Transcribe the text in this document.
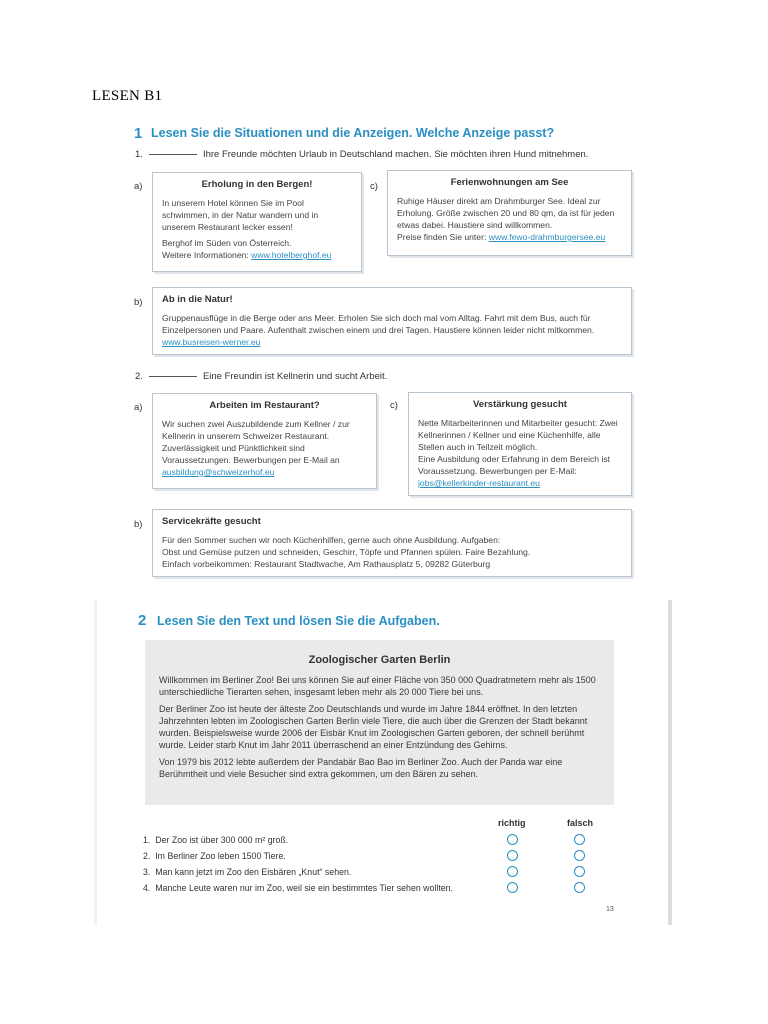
LESEN B1
1 Lesen Sie die Situationen und die Anzeigen. Welche Anzeige passt?
1.	Ihre Freunde möchten Urlaub in Deutschland machen. Sie möchten ihren Hund mitnehmen.
a)	Erholung in den Bergen!

In unserem Hotel können Sie im Pool schwimmen, in der Natur wandern und in unserem Restaurant lecker essen!

Berghof im Süden von Österreich.

Weitere Informationen: www.hotelberghof.eu

c)	Ferienwohnungen am See

Ruhige Häuser direkt am Drahmburger See. Ideal zur Erholung. Größe zwischen 20 und 80 qm, da ist für jeden etwas dabei. Haustiere sind willkommen.

Preise finden Sie unter: www.fewo-drahmburgersee.eu

b) Ab in die Natur!

Gruppenausflüge in die Berge oder ans Meer. Erholen Sie sich doch mal vom Alltag. Fahrt mit dem Bus, auch für Einzelpersonen und Paare. Aufenthalt zwischen einem und drei Tagen. Haustiere können leider nicht mitkommen.

www.busreisen-werner.eu

2.	Eine Freundin ist Kellnerin und sucht Arbeit.
a)	Arbeiten im Restaurant?

Wir suchen zwei Auszubildende zum Kellner / zur Kellnerin in unserem Schweizer Restaurant. Zuverlässigkeit und Pünktlichkeit sind Voraussetzungen. Bewerbungen per E-Mail an

ausbildung@schweizerhof.eu

c)	Verstärkung gesucht

Nette Mitarbeiterinnen und Mitarbeiter gesucht: Zwei Kellnerinnen / Kellner und eine Küchenhilfe, alle Stellen auch in Teilzeit möglich.

Eine Ausbildung oder Erfahrung in dem Bereich ist Voraussetzung. Bewerbungen per E-Mail:

jobs@kellerkinder-restaurant.eu

b) Servicekräfte gesucht

Für den Sommer suchen wir noch Küchenhilfen, gerne auch ohne Ausbildung. Aufgaben:

Obst und Gemüse putzen und schneiden, Geschirr, Töpfe und Pfannen spülen. Faire Bezahlung.

Einfach vorbeikommen: Restaurant Stadtwache, Am Rathausplatz 5, 09282 Güterburg

2 Lesen Sie den Text und lösen Sie die Aufgaben.
Zoologischer Garten Berlin

Willkommen im Berliner Zoo! Bei uns können Sie auf einer Fläche von 350 000 Quadratmetern mehr als 1500 unterschiedliche Tierarten sehen, insgesamt leben mehr als 20 000 Tiere bei uns.

Der Berliner Zoo ist heute der älteste Zoo Deutschlands und wurde im Jahre 1844 eröffnet. In den letzten Jahrzehnten lebten im Zoologischen Garten Berlin viele Tiere, die auch über die Grenzen der Stadt bekannt wurden. Beispielsweise wurde 2006 der Eisbär Knut im Zoologischen Garten geboren, der schnell berühmt wurde. Leider starb Knut im Jahr 2011 überraschend an einer Entzündung des Gehirns.

Von 1979 bis 2012 lebte außerdem der Pandabär Bao Bao im Berliner Zoo. Auch der Panda war eine Berühmtheit und viele Besucher sind extra gekommen, um den Bären zu sehen.

richtig	falsch
1. Der Zoo ist über 300 000 m² groß.
2. Im Berliner Zoo leben 1500 Tiere.
3. Man kann jetzt im Zoo den Eisbären „Knut“ sehen.
4. Manche Leute waren nur im Zoo, weil sie ein bestimmtes Tier sehen wollten.
13
